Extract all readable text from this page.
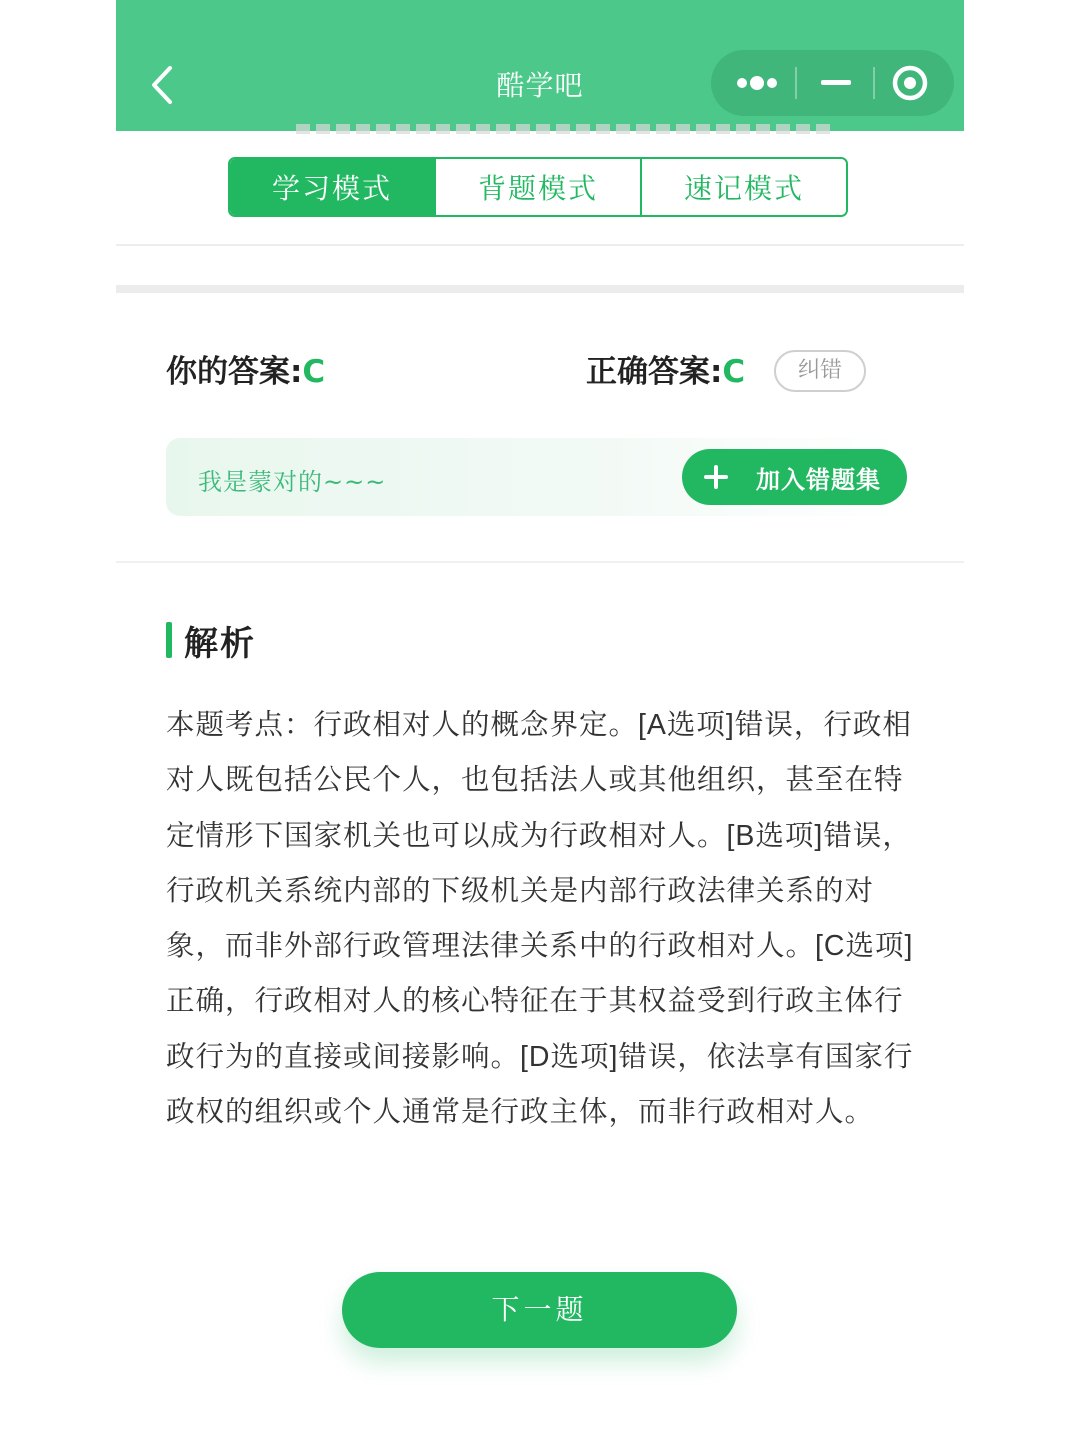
酷学吧
学习模式	背题模式	速记模式
你的答案:C	正确答案:C	纠错
我是蒙对的~~~	加入错题集
解析
本题考点：行政相对人的概念界定。[A选项]错误，行政相对人既包括公民个人，也包括法人或其他组织，甚至在特定情形下国家机关也可以成为行政相对人。[B选项]错误，行政机关系统内部的下级机关是内部行政法律关系的对象，而非外部行政管理法律关系中的行政相对人。[C选项]正确，行政相对人的核心特征在于其权益受到行政主体行政行为的直接或间接影响。[D选项]错误，依法享有国家行政权的组织或个人通常是行政主体，而非行政相对人。
下一题
